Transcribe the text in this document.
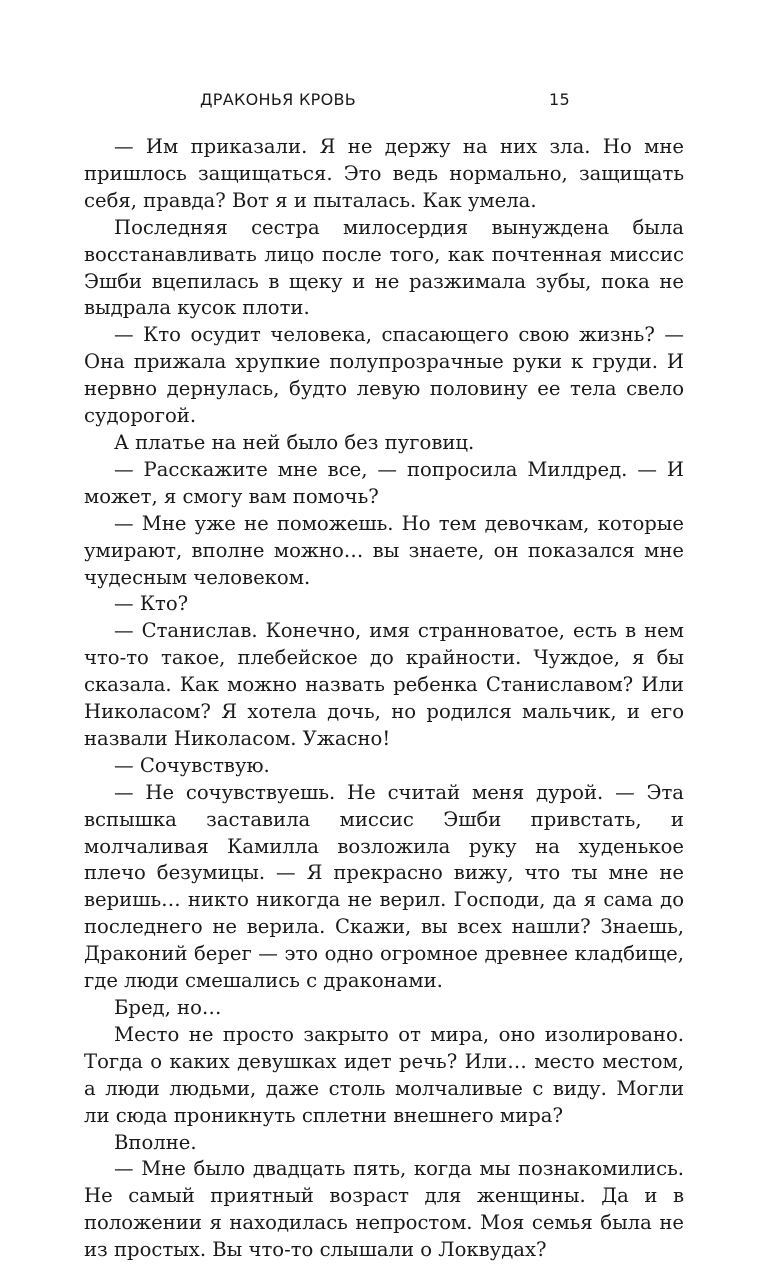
ДРАКОНЬЯ КРОВЬ	15

— Им приказали. Я не держу на них зла. Но мне пришлось защищаться. Это ведь нормально, защищать себя, правда? Вот я и пыталась. Как умела.

Последняя сестра милосердия вынуждена была восстанавливать лицо после того, как почтенная миссис Эшби вцепилась в щеку и не разжимала зубы, пока не выдрала кусок плоти.

— Кто осудит человека, спасающего свою жизнь? — Она прижала хрупкие полупрозрачные руки к груди. И нервно дернулась, будто левую половину ее тела свело судорогой.

А платье на ней было без пуговиц.

— Расскажите мне все, — попросила Милдред. — И может, я смогу вам помочь?

— Мне уже не поможешь. Но тем девочкам, которые умирают, вполне можно… вы знаете, он показался мне чудесным человеком.

— Кто?

— Станислав. Конечно, имя странноватое, есть в нем что-то такое, плебейское до крайности. Чуждое, я бы сказала. Как можно назвать ребенка Станиславом? Или Николасом? Я хотела дочь, но родился мальчик, и его назвали Николасом. Ужасно!

— Сочувствую.

— Не сочувствуешь. Не считай меня дурой. — Эта вспышка заставила миссис Эшби привстать, и молчаливая Камилла возложила руку на худенькое плечо безумицы. — Я прекрасно вижу, что ты мне не веришь… никто никогда не верил. Господи, да я сама до последнего не верила. Скажи, вы всех нашли? Знаешь, Драконий берег — это одно огромное древнее кладбище, где люди смешались с драконами.

Бред, но…

Место не просто закрыто от мира, оно изолировано. Тогда о каких девушках идет речь? Или… место местом, а люди людьми, даже столь молчаливые с виду. Могли ли сюда проникнуть сплетни внешнего мира?

Вполне.

— Мне было двадцать пять, когда мы познакомились. Не самый приятный возраст для женщины. Да и в положении я находилась непростом. Моя семья была не из простых. Вы что-то слышали о Локвудах?
